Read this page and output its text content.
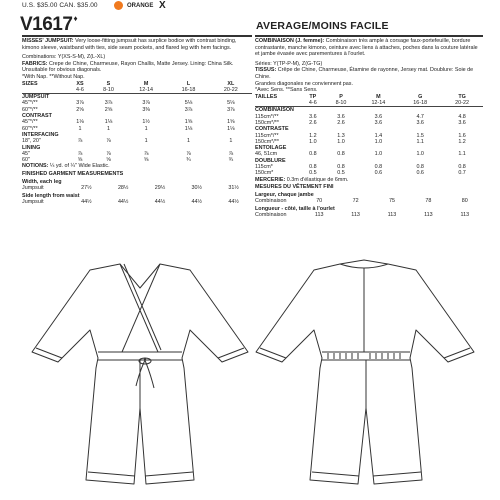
U.S. $35.00 CAN. $35.00	ORANGE X
V1617♦
AVERAGE/MOINS FACILE
MISSES' JUMPSUIT: Very loose-fitting jumpsuit has surplice bodice with contrast binding, kimono sleeve, waistband with ties, side seam pockets, and flared leg with hem facings.
Combinations: Y(XS-S-M), Z(L-XL)
FABRICS: Crepe de Chine, Charmeuse, Rayon Challis, Matte Jersey. Lining: China Silk.
Unsuitable for obvious diagonals.
*With Nap. **Without Nap.
SIZES	XS	S	M	L	XL
	4-6	8-10	12-14	16-18	20-22
JUMPSUIT					
45"*/**	3⅞	3⅞	3⅞	5⅛	5⅛
60"*/**	2⅝	2⅝	3⅜	3⅞	3⅞
CONTRAST					
45"*/**	1⅛	1⅛	1½	1⅝	1⅝
60"*/**	1	1	1	1⅛	1⅛
INTERFACING					
18", 20"	⅞	⅞	1	1	1
LINING					
45"	⅞	⅞	⅞	⅞	⅞
60"	⅝	⅝	⅝	¾	¾
NOTIONS: ¼ yd. of ¼" Wide Elastic.
FINISHED GARMENT MEASUREMENTS
Width, each leg
Jumpsuit	27½	28½	29½	30½	31½
Side length from waist
Jumpsuit	44½	44½	44½	44½	44½
COMBINAISON (J. femme): Combinaison très ample à corsage faux-portefeuille, bordure contrastante, manche kimono, ceinture avec liens à attaches, poches dans la couture latérale et jambe évasée avec parementures à l'ourlet.
Séries: Y(TP-P-M), Z(G-TG)
TISSUS: Crêpe de Chine, Charmeuse, Étamine de rayonne, Jersey mat. Doublure: Soie de Chine.
Grandes diagonales ne conviennent pas.
*Avec Sens. **Sans Sens.
TAILLES	TP	P	M	G	TG
	4-6	8-10	12-14	16-18	20-22
COMBINAISON					
115cm*/**	3.6	3.6	3.6	4.7	4.8
150cm*/**	2.6	2.6	3.6	3.6	3.6
CONTRASTE					
115cm*/**	1.2	1.3	1.4	1.5	1.6
150cm*/**	1.0	1.0	1.0	1.1	1.2
ENTOILAGE					
46, 51cm	0.8	0.8	1.0	1.0	1.1
DOUBLURE					
115cm*	0.8	0.8	0.8	0.8	0.8
150cm*	0.5	0.5	0.6	0.6	0.7
MERCERIE: 0.3m d'élastique de 6mm.
MESURES DU VÊTEMENT FINI
Largeur, chaque jambe
Combinaison	70	72	75	78	80
Longueur - côté, taille à l'ourlet
Combinaison	113	113	113	113	113
